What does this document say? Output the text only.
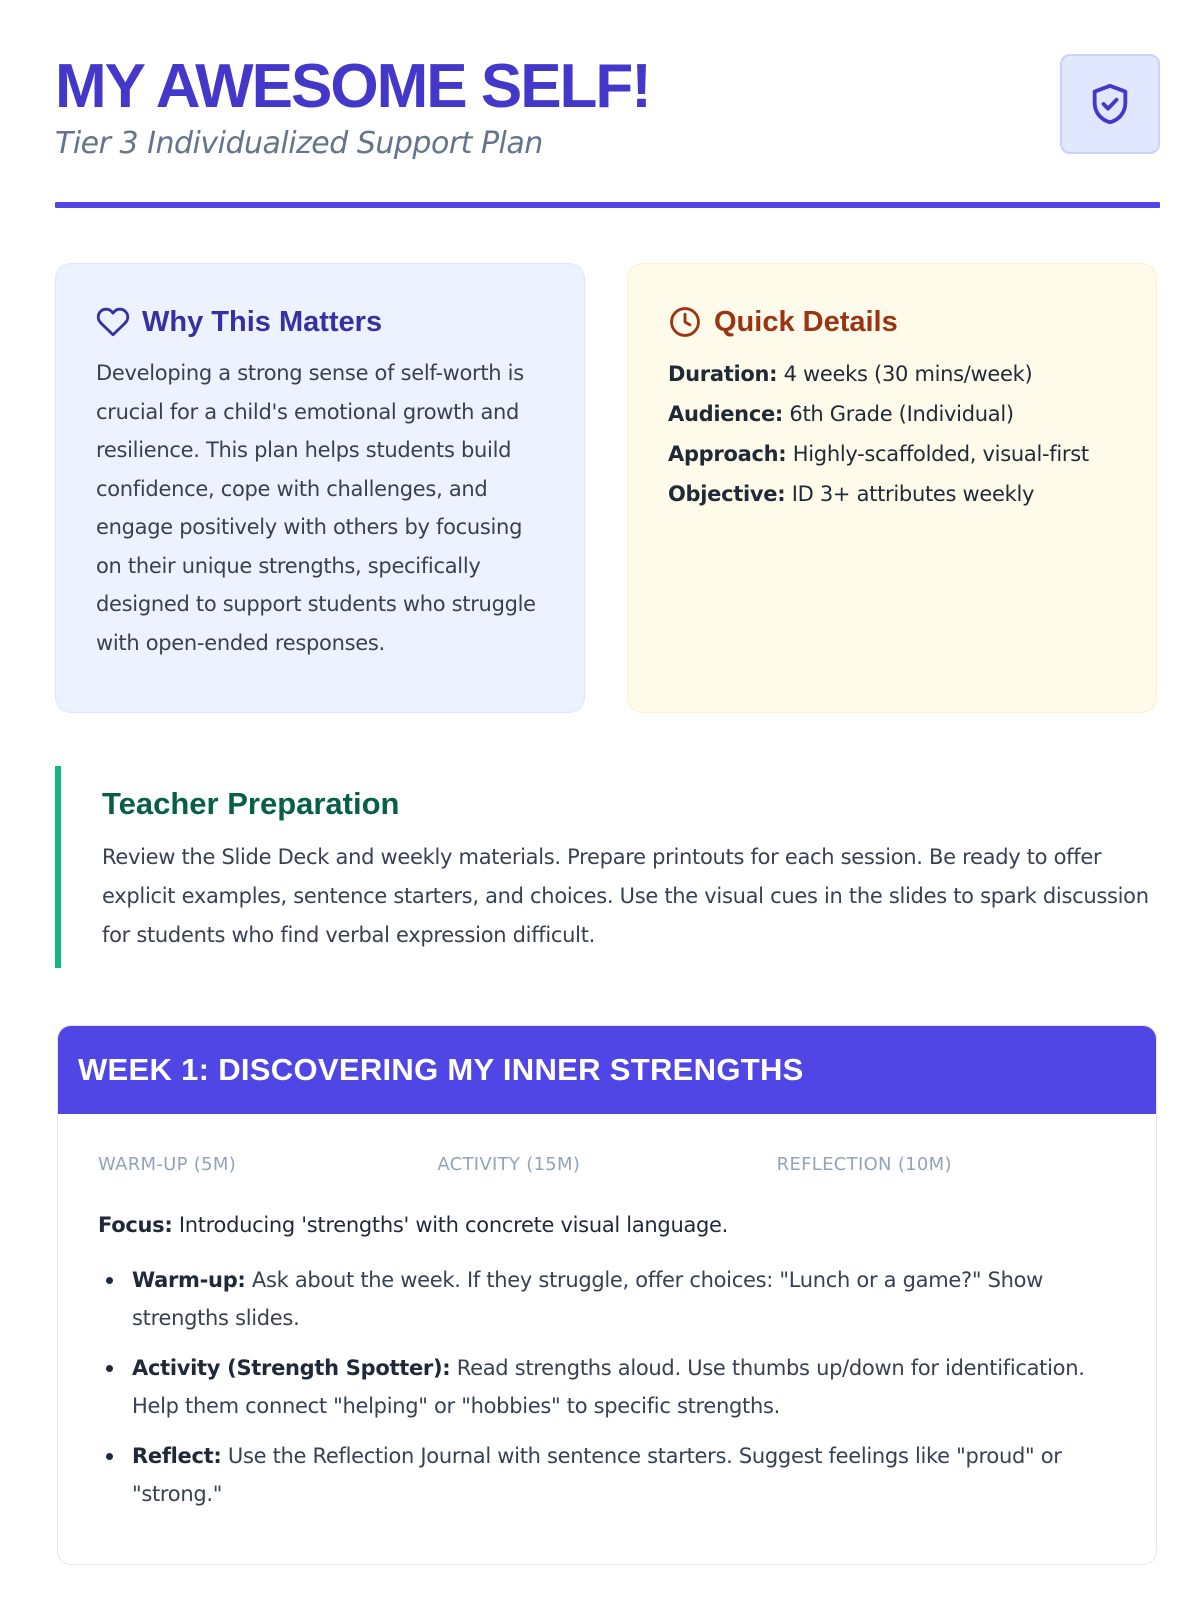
MY AWESOME SELF!
Tier 3 Individualized Support Plan
Why This Matters

Developing a strong sense of self-worth is crucial for a child's emotional growth and resilience. This plan helps students build confidence, cope with challenges, and engage positively with others by focusing on their unique strengths, specifically designed to support students who struggle with open-ended responses.

Quick Details
Duration: 4 weeks (30 mins/week)
Audience: 6th Grade (Individual)
Approach: Highly-scaffolded, visual-first
Objective: ID 3+ attributes weekly
Teacher Preparation

Review the Slide Deck and weekly materials. Prepare printouts for each session. Be ready to offer explicit examples, sentence starters, and choices. Use the visual cues in the slides to spark discussion for students who find verbal expression difficult.

WEEK 1: DISCOVERING MY INNER STRENGTHS
WARM-UP (5M)	ACTIVITY (15M)	REFLECTION (10M)

Focus: Introducing 'strengths' with concrete visual language.

Warm-up: Ask about the week. If they struggle, offer choices: "Lunch or a game?" Show strengths slides.
Activity (Strength Spotter): Read strengths aloud. Use thumbs up/down for identification. Help them connect "helping" or "hobbies" to specific strengths.
Reflect: Use the Reflection Journal with sentence starters. Suggest feelings like "proud" or "strong."
